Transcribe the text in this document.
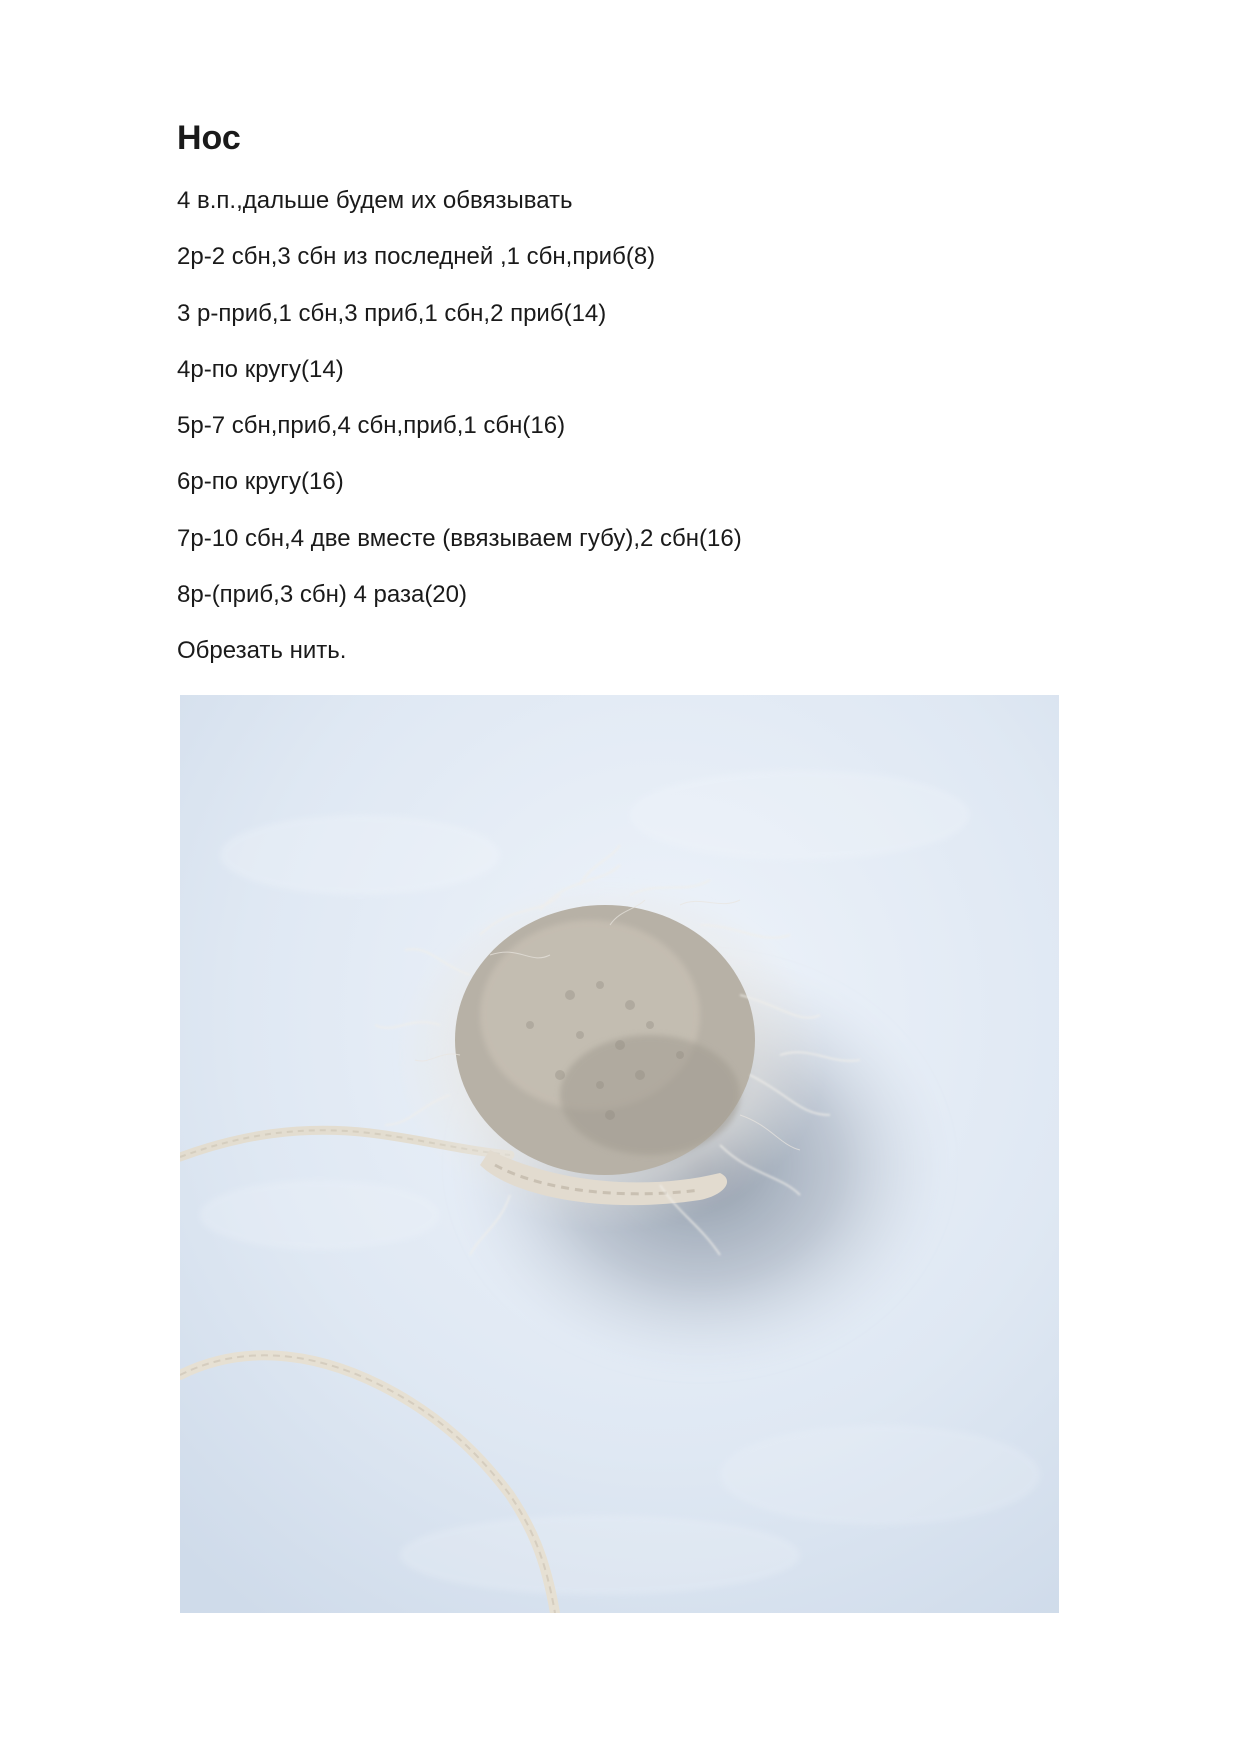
Нос
4 в.п.,дальше будем их обвязывать
2р-2 сбн,3 сбн из последней ,1 сбн,приб(8)
3 р-приб,1 сбн,3 приб,1 сбн,2 приб(14)
4р-по кругу(14)
5р-7 сбн,приб,4 сбн,приб,1 сбн(16)
6р-по кругу(16)
7р-10 сбн,4 две вместе (ввязываем губу),2 сбн(16)
8р-(приб,3 сбн) 4 раза(20)
Обрезать нить.
